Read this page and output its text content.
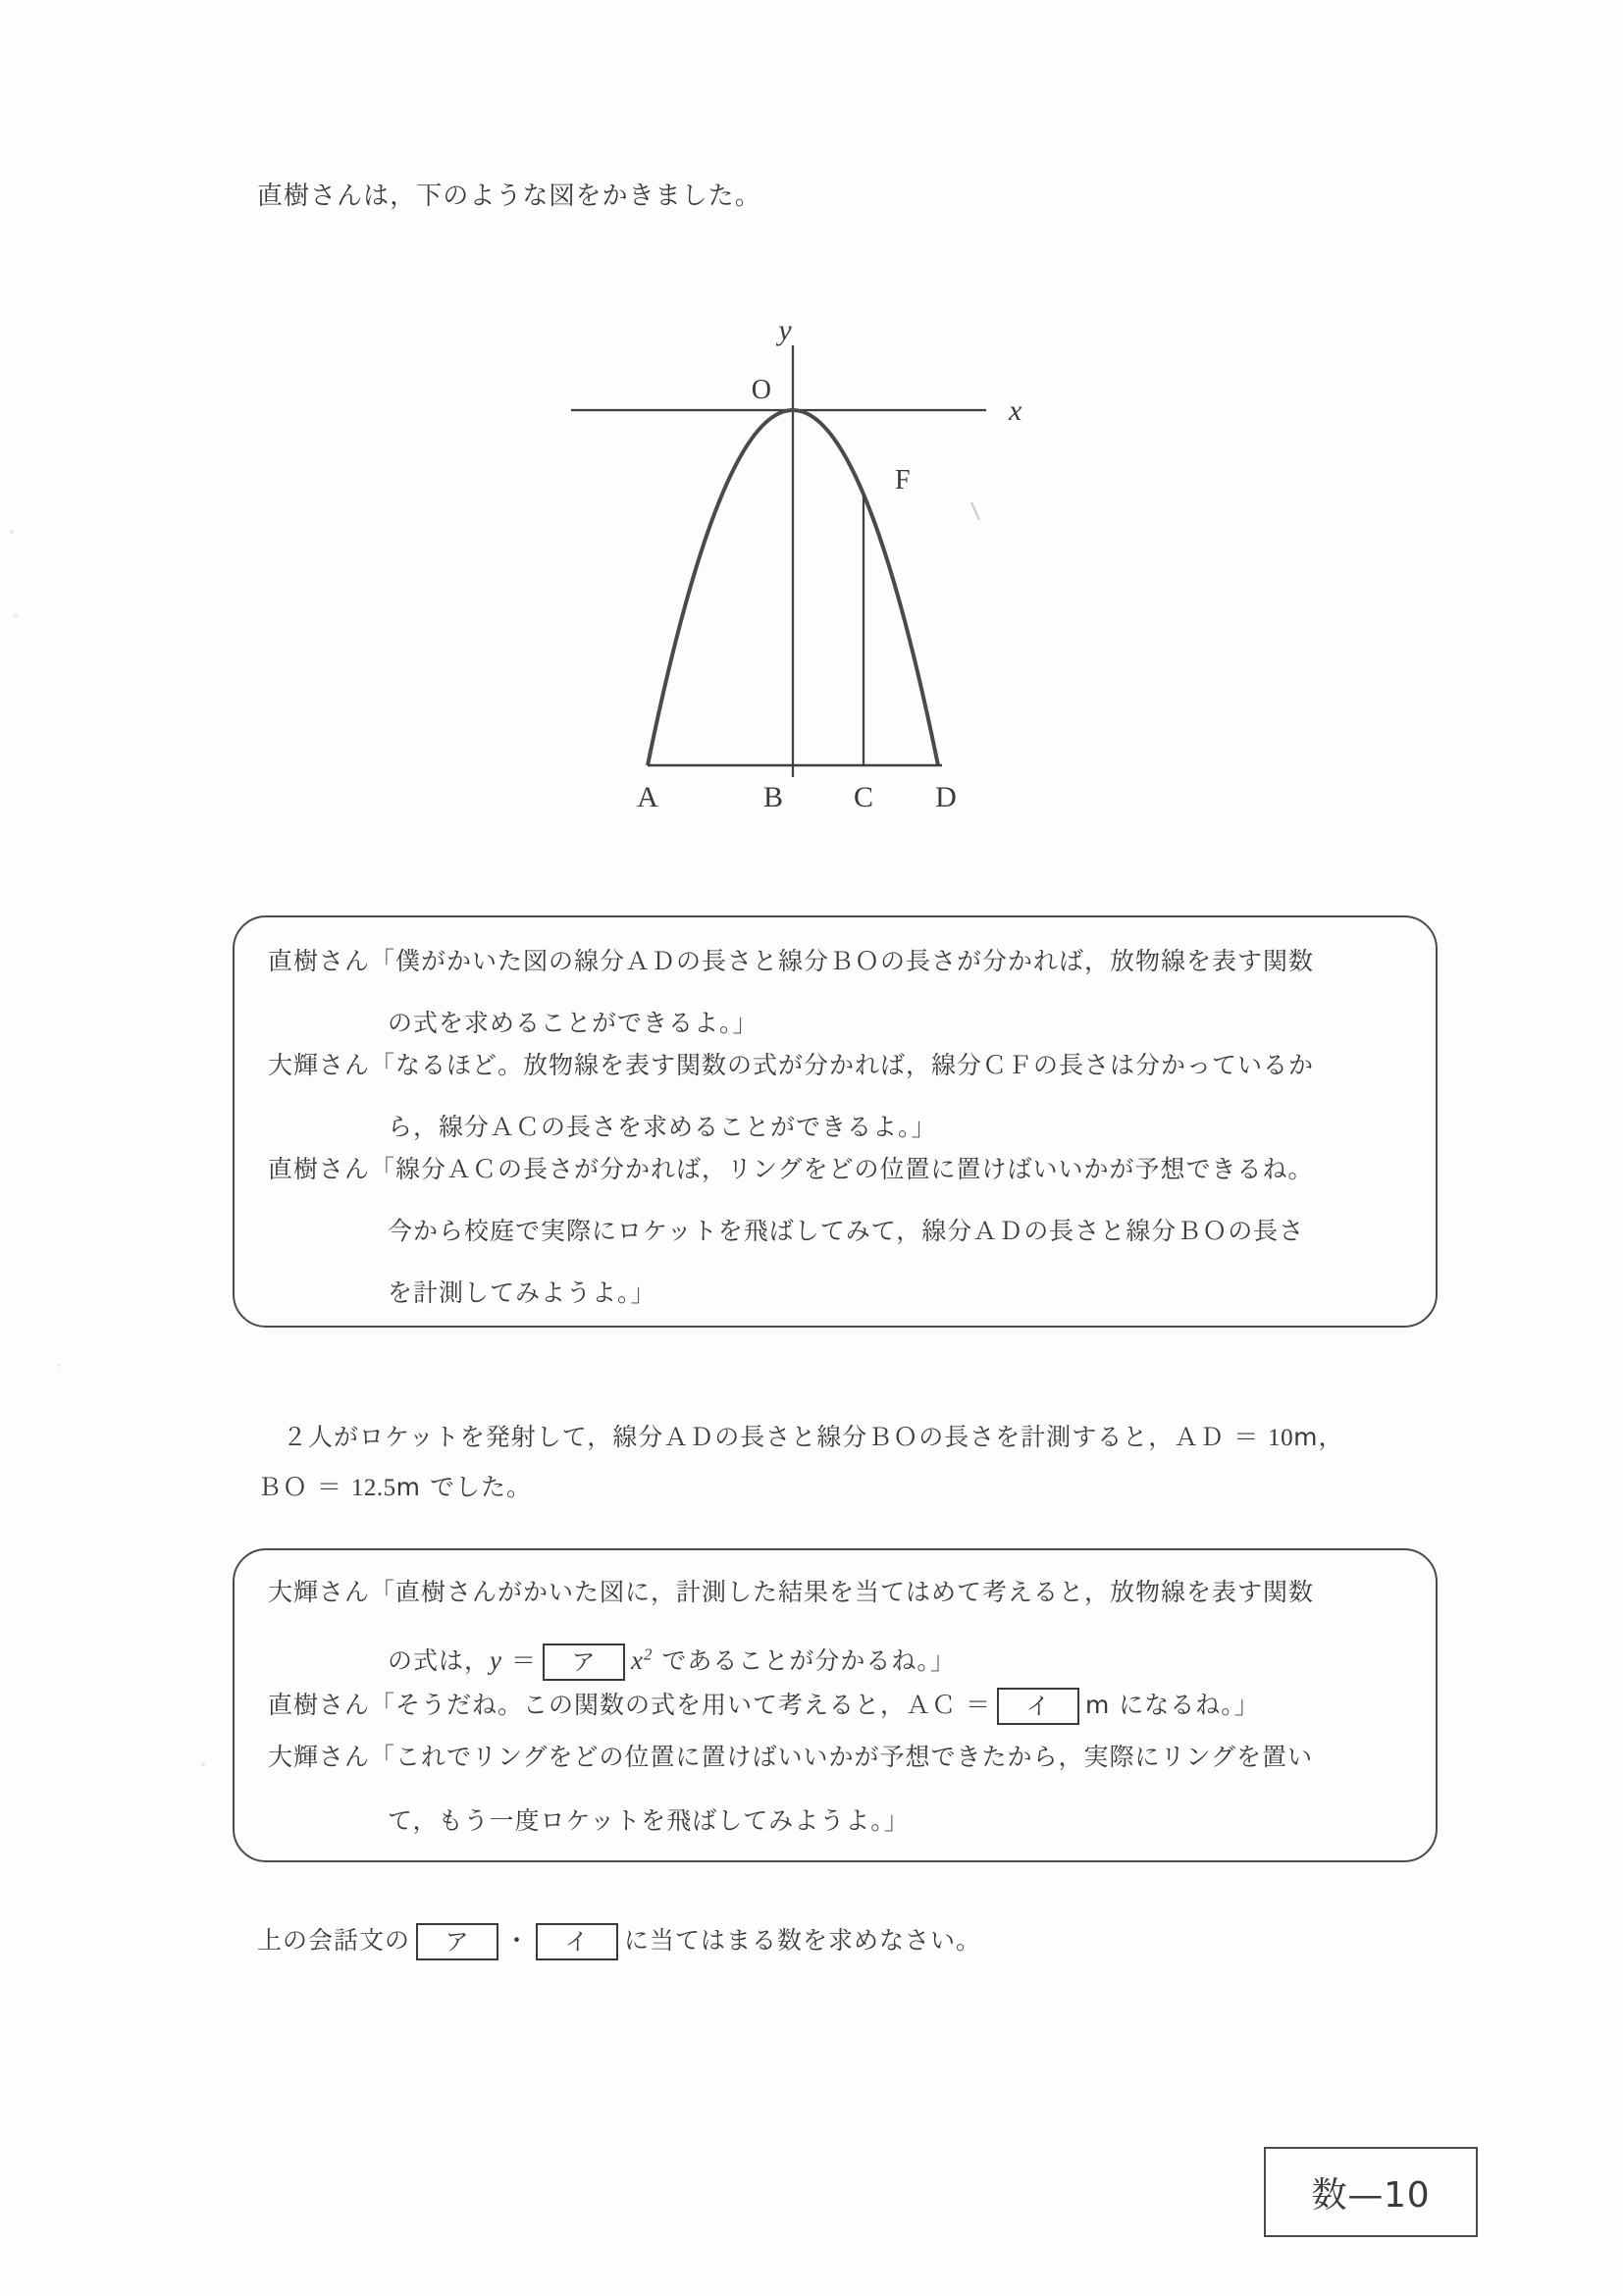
直樹さんは，下のような図をかきました。
y
x
O
F
A	B C D
直樹さん「僕がかいた図の線分ＡＤの長さと線分ＢＯの長さが分かれば，放物線を表す関数
の式を求めることができるよ。」
大輝さん「なるほど。放物線を表す関数の式が分かれば，線分ＣＦの長さは分かっているか
ら，線分ＡＣの長さを求めることができるよ。」
直樹さん「線分ＡＣの長さが分かれば，リングをどの位置に置けばいいかが予想できるね。
今から校庭で実際にロケットを飛ばしてみて，線分ＡＤの長さと線分ＢＯの長さ
を計測してみようよ。」
２人がロケットを発射して，線分ＡＤの長さと線分ＢＯの長さを計測すると，ＡＤ ＝ 10m，
ＢＯ ＝ 12.5m でした。
大輝さん「直樹さんがかいた図に，計測した結果を当てはめて考えると，放物線を表す関数
の式は，y ＝ ア $x^2$ であることが分かるね。」
直樹さん「そうだね。この関数の式を用いて考えると，ＡＣ ＝ イ m になるね。」
大輝さん「これでリングをどの位置に置けばいいかが予想できたから，実際にリングを置い
て，もう一度ロケットを飛ばしてみようよ。」
上の会話文の ア ・ イ に当てはまる数を求めなさい。
数—10
